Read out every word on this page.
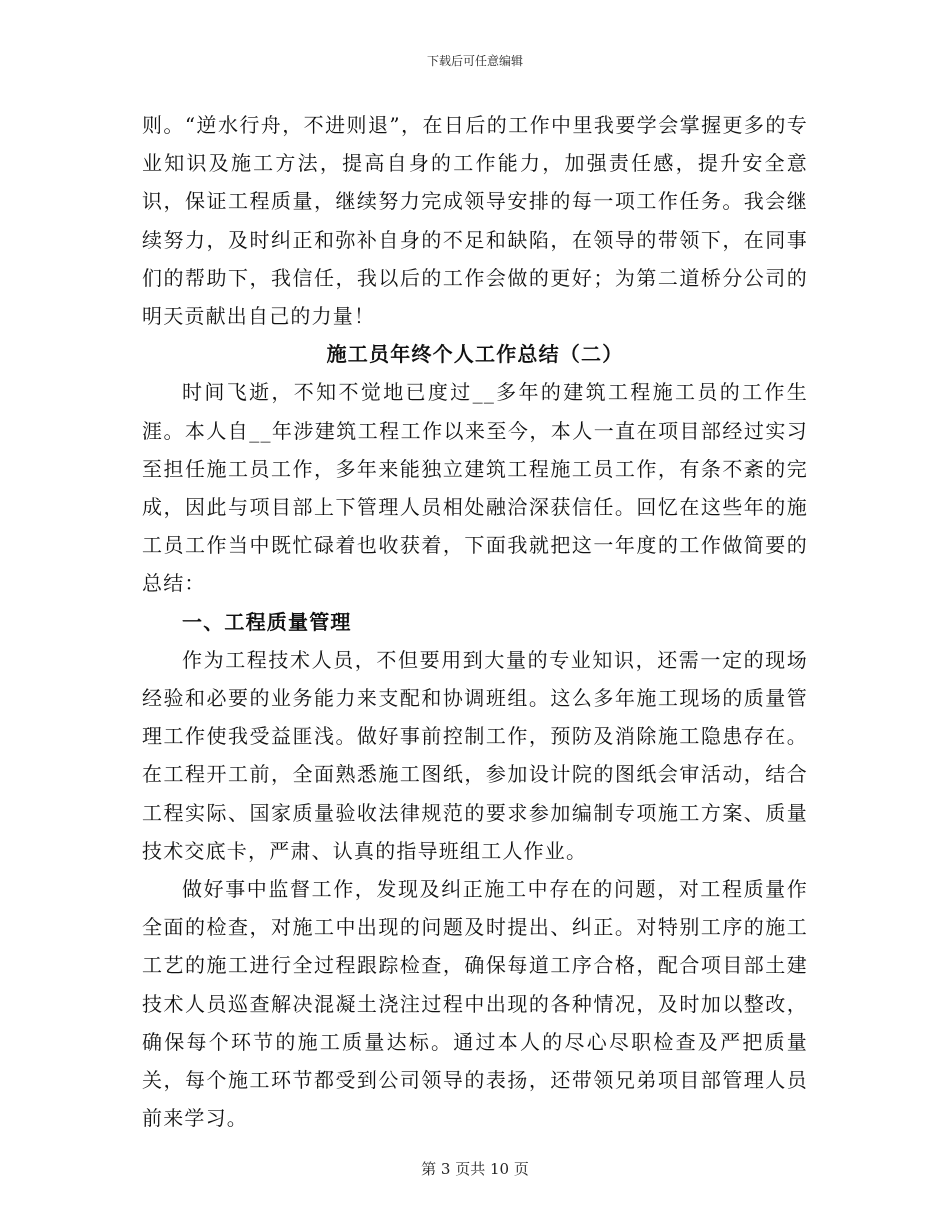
下载后可任意编辑

则。“逆水行舟，不进则退”，在日后的工作中里我要学会掌握更多的专业知识及施工方法，提高自身的工作能力，加强责任感，提升安全意识，保证工程质量，继续努力完成领导安排的每一项工作任务。我会继续努力，及时纠正和弥补自身的不足和缺陷，在领导的带领下，在同事们的帮助下，我信任，我以后的工作会做的更好；为第二道桥分公司的明天贡献出自己的力量！

施工员年终个人工作总结（二）

时间飞逝，不知不觉地已度过__多年的建筑工程施工员的工作生涯。本人自__年涉建筑工程工作以来至今，本人一直在项目部经过实习至担任施工员工作，多年来能独立建筑工程施工员工作，有条不紊的完成，因此与项目部上下管理人员相处融洽深获信任。回忆在这些年的施工员工作当中既忙碌着也收获着，下面我就把这一年度的工作做简要的总结：

一、工程质量管理

作为工程技术人员，不但要用到大量的专业知识，还需一定的现场经验和必要的业务能力来支配和协调班组。这么多年施工现场的质量管理工作使我受益匪浅。做好事前控制工作，预防及消除施工隐患存在。在工程开工前，全面熟悉施工图纸，参加设计院的图纸会审活动，结合工程实际、国家质量验收法律规范的要求参加编制专项施工方案、质量技术交底卡，严肃、认真的指导班组工人作业。

做好事中监督工作，发现及纠正施工中存在的问题，对工程质量作全面的检查，对施工中出现的问题及时提出、纠正。对特别工序的施工工艺的施工进行全过程跟踪检查，确保每道工序合格，配合项目部土建技术人员巡查解决混凝土浇注过程中出现的各种情况，及时加以整改，确保每个环节的施工质量达标。通过本人的尽心尽职检查及严把质量关，每个施工环节都受到公司领导的表扬，还带领兄弟项目部管理人员前来学习。

第 3 页共 10 页
